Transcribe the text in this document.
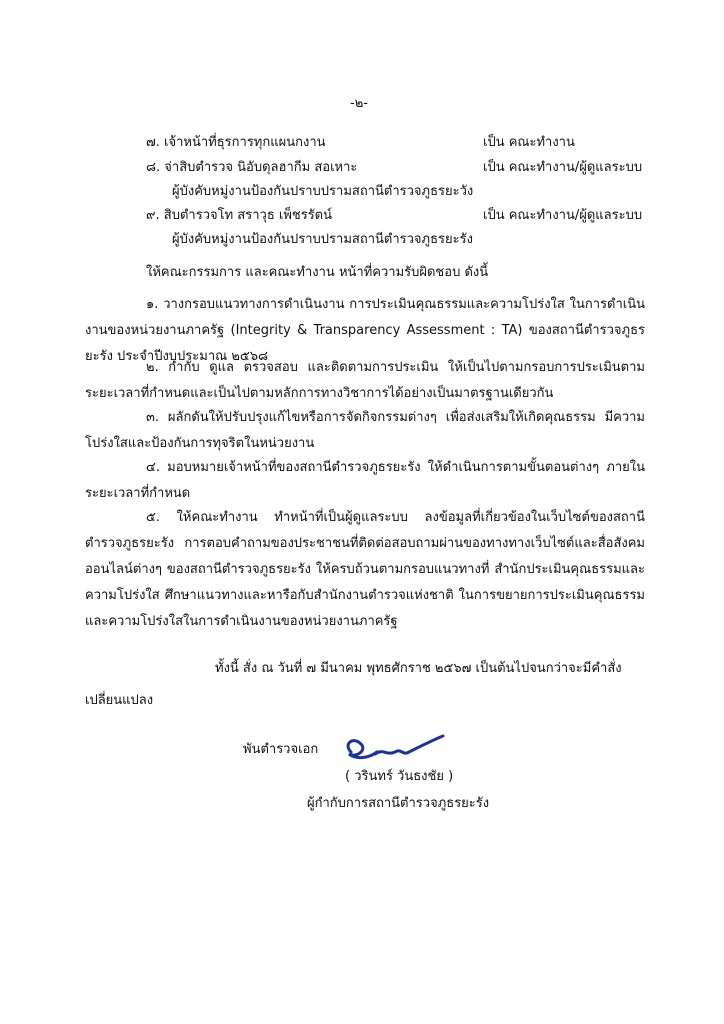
-๒-
๗. เจ้าหน้าที่ธุรการทุกแผนกงาน	เป็น คณะทำงาน
๘. จ่าสิบตำรวจ นิอับดุลฮากีม สอเหาะ	เป็น คณะทำงาน/ผู้ดูแลระบบ
ผู้บังคับหมู่งานป้องกันปราบปรามสถานีตำรวจภูธรยะวัง
๙. สิบตำรวจโท สราวุธ เพ็ชรรัตน์	เป็น คณะทำงาน/ผู้ดูแลระบบ
ผู้บังคับหมู่งานป้องกันปราบปรามสถานีตำรวจภูธรยะรัง
ให้คณะกรรมการ และคณะทำงาน หน้าที่ความรับผิดชอบ ดังนี้

๑. วางกรอบแนวทางการดำเนินงาน การประเมินคุณธรรมและความโปร่งใส ในการดำเนินงานของหน่วยงานภาครัฐ (Integrity & Transparency Assessment : TA) ของสถานีตำรวจภูธรยะรัง ประจำปีงบประมาณ ๒๕๖๘

๒. กำกับ ดูแล ตรวจสอบ และติดตามการประเมิน ให้เป็นไปตามกรอบการประเมินตามระยะเวลาที่กำหนดและเป็นไปตามหลักการทางวิชาการได้อย่างเป็นมาตรฐานเดียวกัน

๓. ผลักดันให้ปรับปรุงแก้ไขหรือการจัดกิจกรรมต่างๆ เพื่อส่งเสริมให้เกิดคุณธรรม มีความโปร่งใสและป้องกันการทุจริตในหน่วยงาน

๔. มอบหมายเจ้าหน้าที่ของสถานีตำรวจภูธรยะรัง ให้ดำเนินการตามขั้นตอนต่างๆ ภายในระยะเวลาที่กำหนด

๕. ให้คณะทำงาน ทำหน้าที่เป็นผู้ดูแลระบบ ลงข้อมูลที่เกี่ยวข้องในเว็บไซต์ของสถานีตำรวจภูธรยะรัง การตอบคำถามของประชาชนที่ติดต่อสอบถามผ่านของทางทางเว็บไซต์และสื่อสังคมออนไลน์ต่างๆ ของสถานีตำรวจภูธรยะรัง ให้ครบถ้วนตามกรอบแนวทางที่ สำนักประเมินคุณธรรมและความโปร่งใส ศึกษาแนวทางและหารือกับสำนักงานตำรวจแห่งชาติ ในการขยายการประเมินคุณธรรมและความโปร่งใสในการดำเนินงานของหน่วยงานภาครัฐ

ทั้งนี้ สั่ง ณ วันที่ ๗ มีนาคม พุทธศักราช ๒๕๖๗ เป็นต้นไปจนกว่าจะมีคำสั่งเปลี่ยนแปลง

พันตำรวจเอก
( วรินทร์ วันธงชัย )
ผู้กำกับการสถานีตำรวจภูธรยะรัง
